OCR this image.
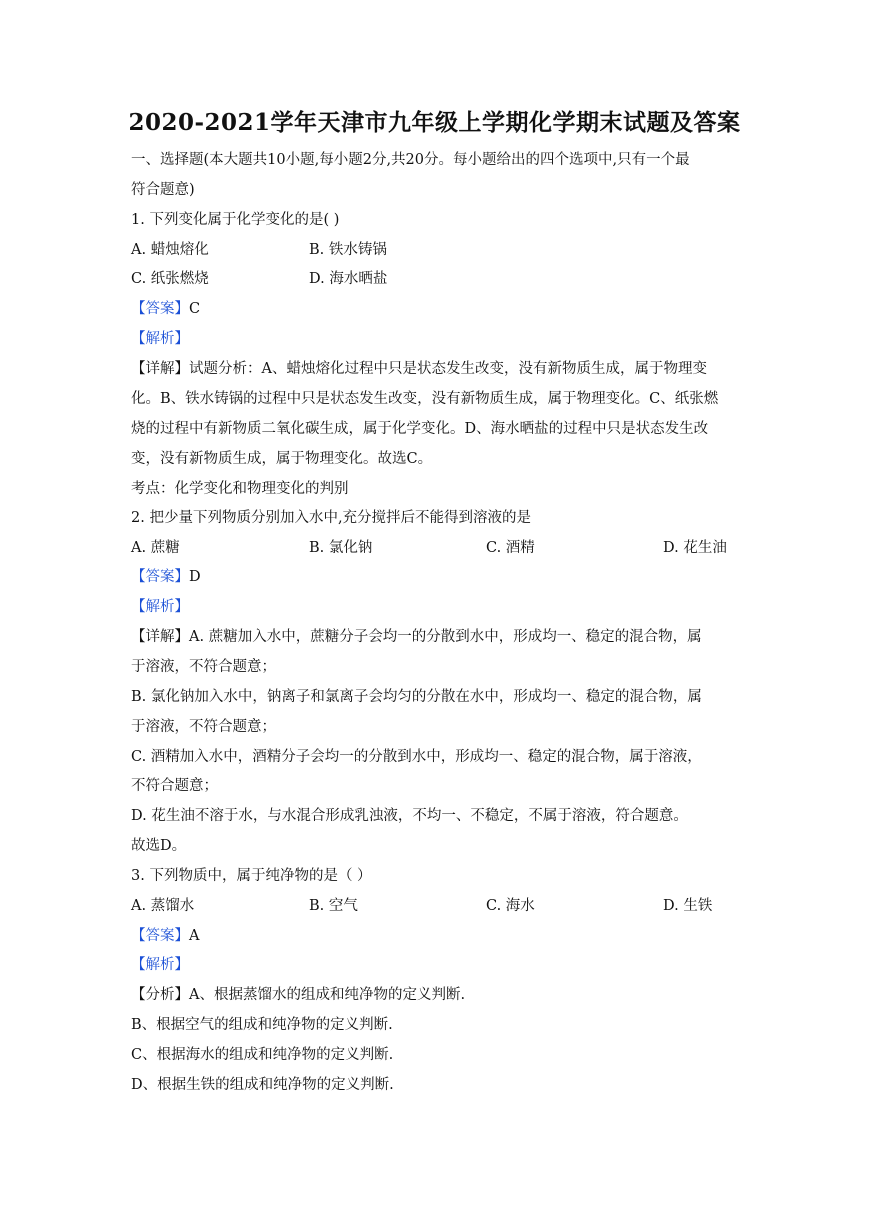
2020-2021学年天津市九年级上学期化学期末试题及答案
一、选择题(本大题共10小题,每小题2分,共20分。每小题给出的四个选项中,只有一个最
符合题意)
1. 下列变化属于化学变化的是( )
A. 蜡烛熔化	B. 铁水铸锅
C. 纸张燃烧	D. 海水晒盐
【答案】C
【解析】
【详解】试题分析：A、蜡烛熔化过程中只是状态发生改变，没有新物质生成，属于物理变
化。B、铁水铸锅的过程中只是状态发生改变，没有新物质生成，属于物理变化。C、纸张燃
烧的过程中有新物质二氧化碳生成，属于化学变化。D、海水晒盐的过程中只是状态发生改
变，没有新物质生成，属于物理变化。故选C。
考点：化学变化和物理变化的判别
2. 把少量下列物质分别加入水中,充分搅拌后不能得到溶液的是
A. 蔗糖	B. 氯化钠	C. 酒精	D. 花生油
【答案】D
【解析】
【详解】A. 蔗糖加入水中，蔗糖分子会均一的分散到水中，形成均一、稳定的混合物，属
于溶液，不符合题意；
B. 氯化钠加入水中，钠离子和氯离子会均匀的分散在水中，形成均一、稳定的混合物，属
于溶液，不符合题意；
C. 酒精加入水中，酒精分子会均一的分散到水中，形成均一、稳定的混合物，属于溶液，
不符合题意；
D. 花生油不溶于水，与水混合形成乳浊液，不均一、不稳定，不属于溶液，符合题意。
故选D。
3. 下列物质中，属于纯净物的是（ ）
A. 蒸馏水	B. 空气	C. 海水	D. 生铁
【答案】A
【解析】
【分析】A、根据蒸馏水的组成和纯净物的定义判断.
B、根据空气的组成和纯净物的定义判断.
C、根据海水的组成和纯净物的定义判断.
D、根据生铁的组成和纯净物的定义判断.
